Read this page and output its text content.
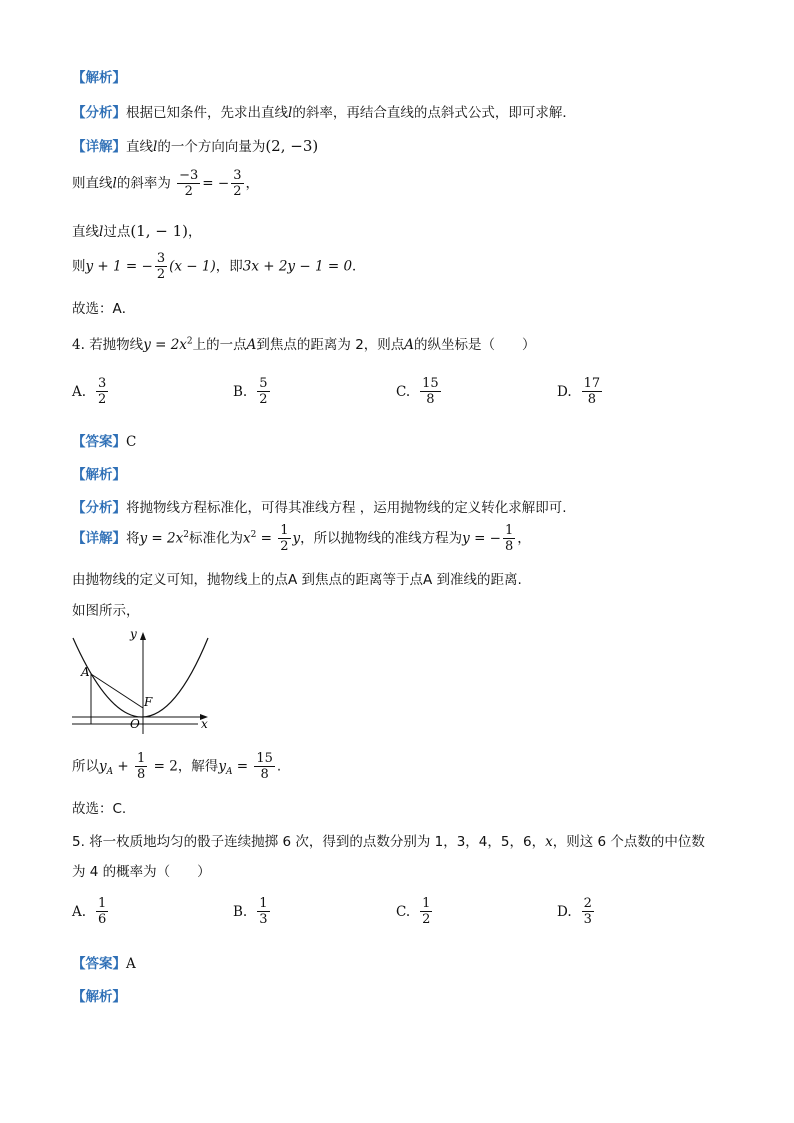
【解析】
【分析】根据已知条件，先求出直线l的斜率，再结合直线的点斜式公式，即可求解．
【详解】直线l的一个方向向量为(2, −3)
则直线l的斜率为 $\frac{-3}{2}$ = − $\frac{3}{2}$ ，
直线l过点(1, − 1)，
则y + 1 = − $\frac{3}{2} (x - 1)$，即3x + 2y − 1 = 0．
故选：A．
4. 若抛物线$y = 2x^2$上的一点A到焦点的距离为 2，则点A的纵坐标是（　　）
A. $\frac{3}{2}$	B. $\frac{5}{2}$	C. $\frac{15}{8}$	D. $\frac{17}{8}$
【答案】C
【解析】
【分析】将抛物线方程标准化，可得其准线方程 ，运用抛物线的定义转化求解即可.
【详解】将$y = 2x^2$标准化为$x^2 = \frac{1}{2}$ y，所以抛物线的准线方程为y = − $\frac{1}{8}$ ，
由抛物线的定义可知，抛物线上的点A 到焦点的距离等于点A 到准线的距离.
如图所示，
A
F
O
y
x
所以$y_A + \frac{1}{8} = 2$，解得$y_A = \frac{15}{8}$ .
故选：C.
5. 将一枚质地均匀的骰子连续抛掷 6 次，得到的点数分别为 1，3，4，5，6，x，则这 6 个点数的中位数
为 4 的概率为（　　）
A. $\frac{1}{6}$	B. $\frac{1}{3}$	C. $\frac{1}{2}$	D. $\frac{2}{3}$
【答案】A
【解析】
